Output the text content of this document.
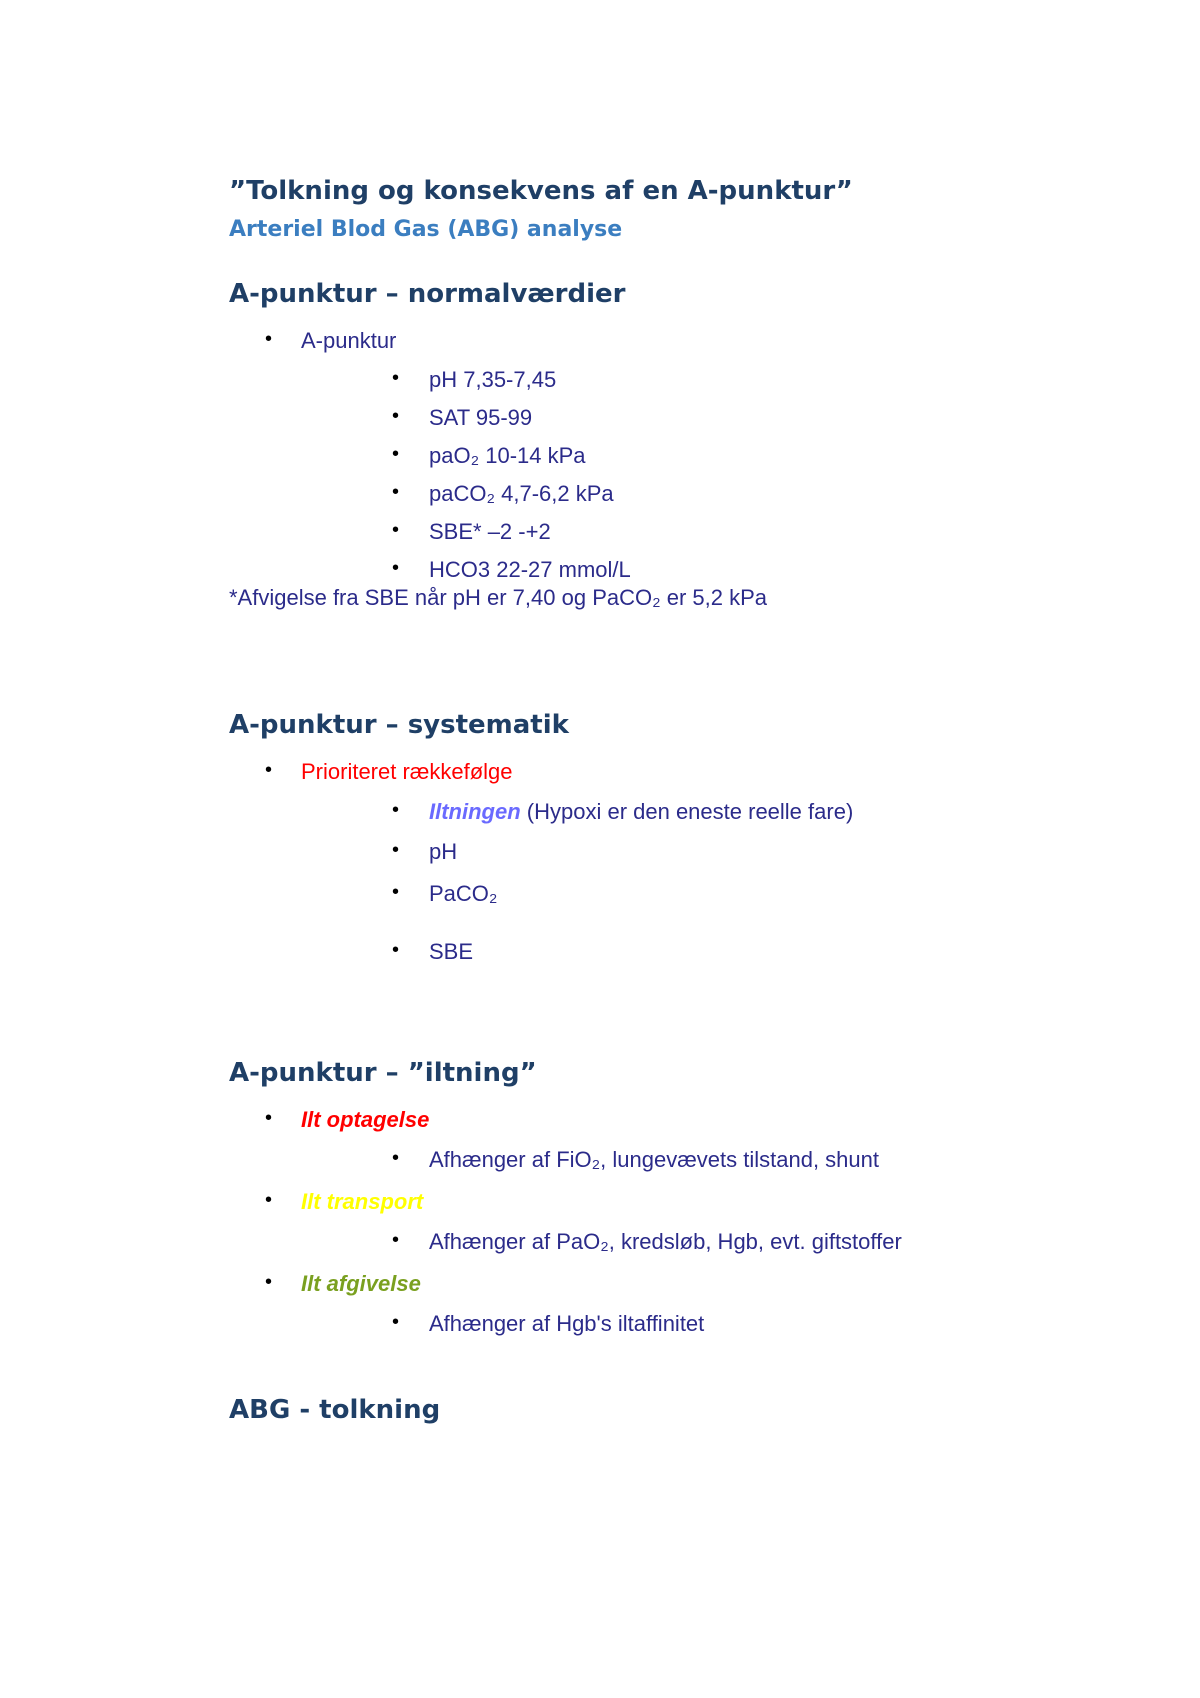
”Tolkning og konsekvens af en A-punktur”
Arteriel Blod Gas (ABG) analyse
A-punktur – normalværdier
• A-punktur
• pH 7,35-7,45
• SAT 95-99
• paO₂ 10-14 kPa
• paCO₂ 4,7-6,2 kPa
• SBE* –2 -+2
• HCO3 22-27 mmol/L
*Afvigelse fra SBE når pH er 7,40 og PaCO₂ er 5,2 kPa
A-punktur – systematik
• Prioriteret rækkefølge
• Iltningen (Hypoxi er den eneste reelle fare)
• pH
• PaCO₂
• SBE
A-punktur – ”iltning”
• Ilt optagelse
• Afhænger af FiO₂, lungevævets tilstand, shunt
• Ilt transport
• Afhænger af PaO₂, kredsløb, Hgb, evt. giftstoffer
• Ilt afgivelse
• Afhænger af Hgb's iltaffinitet
ABG - tolkning
